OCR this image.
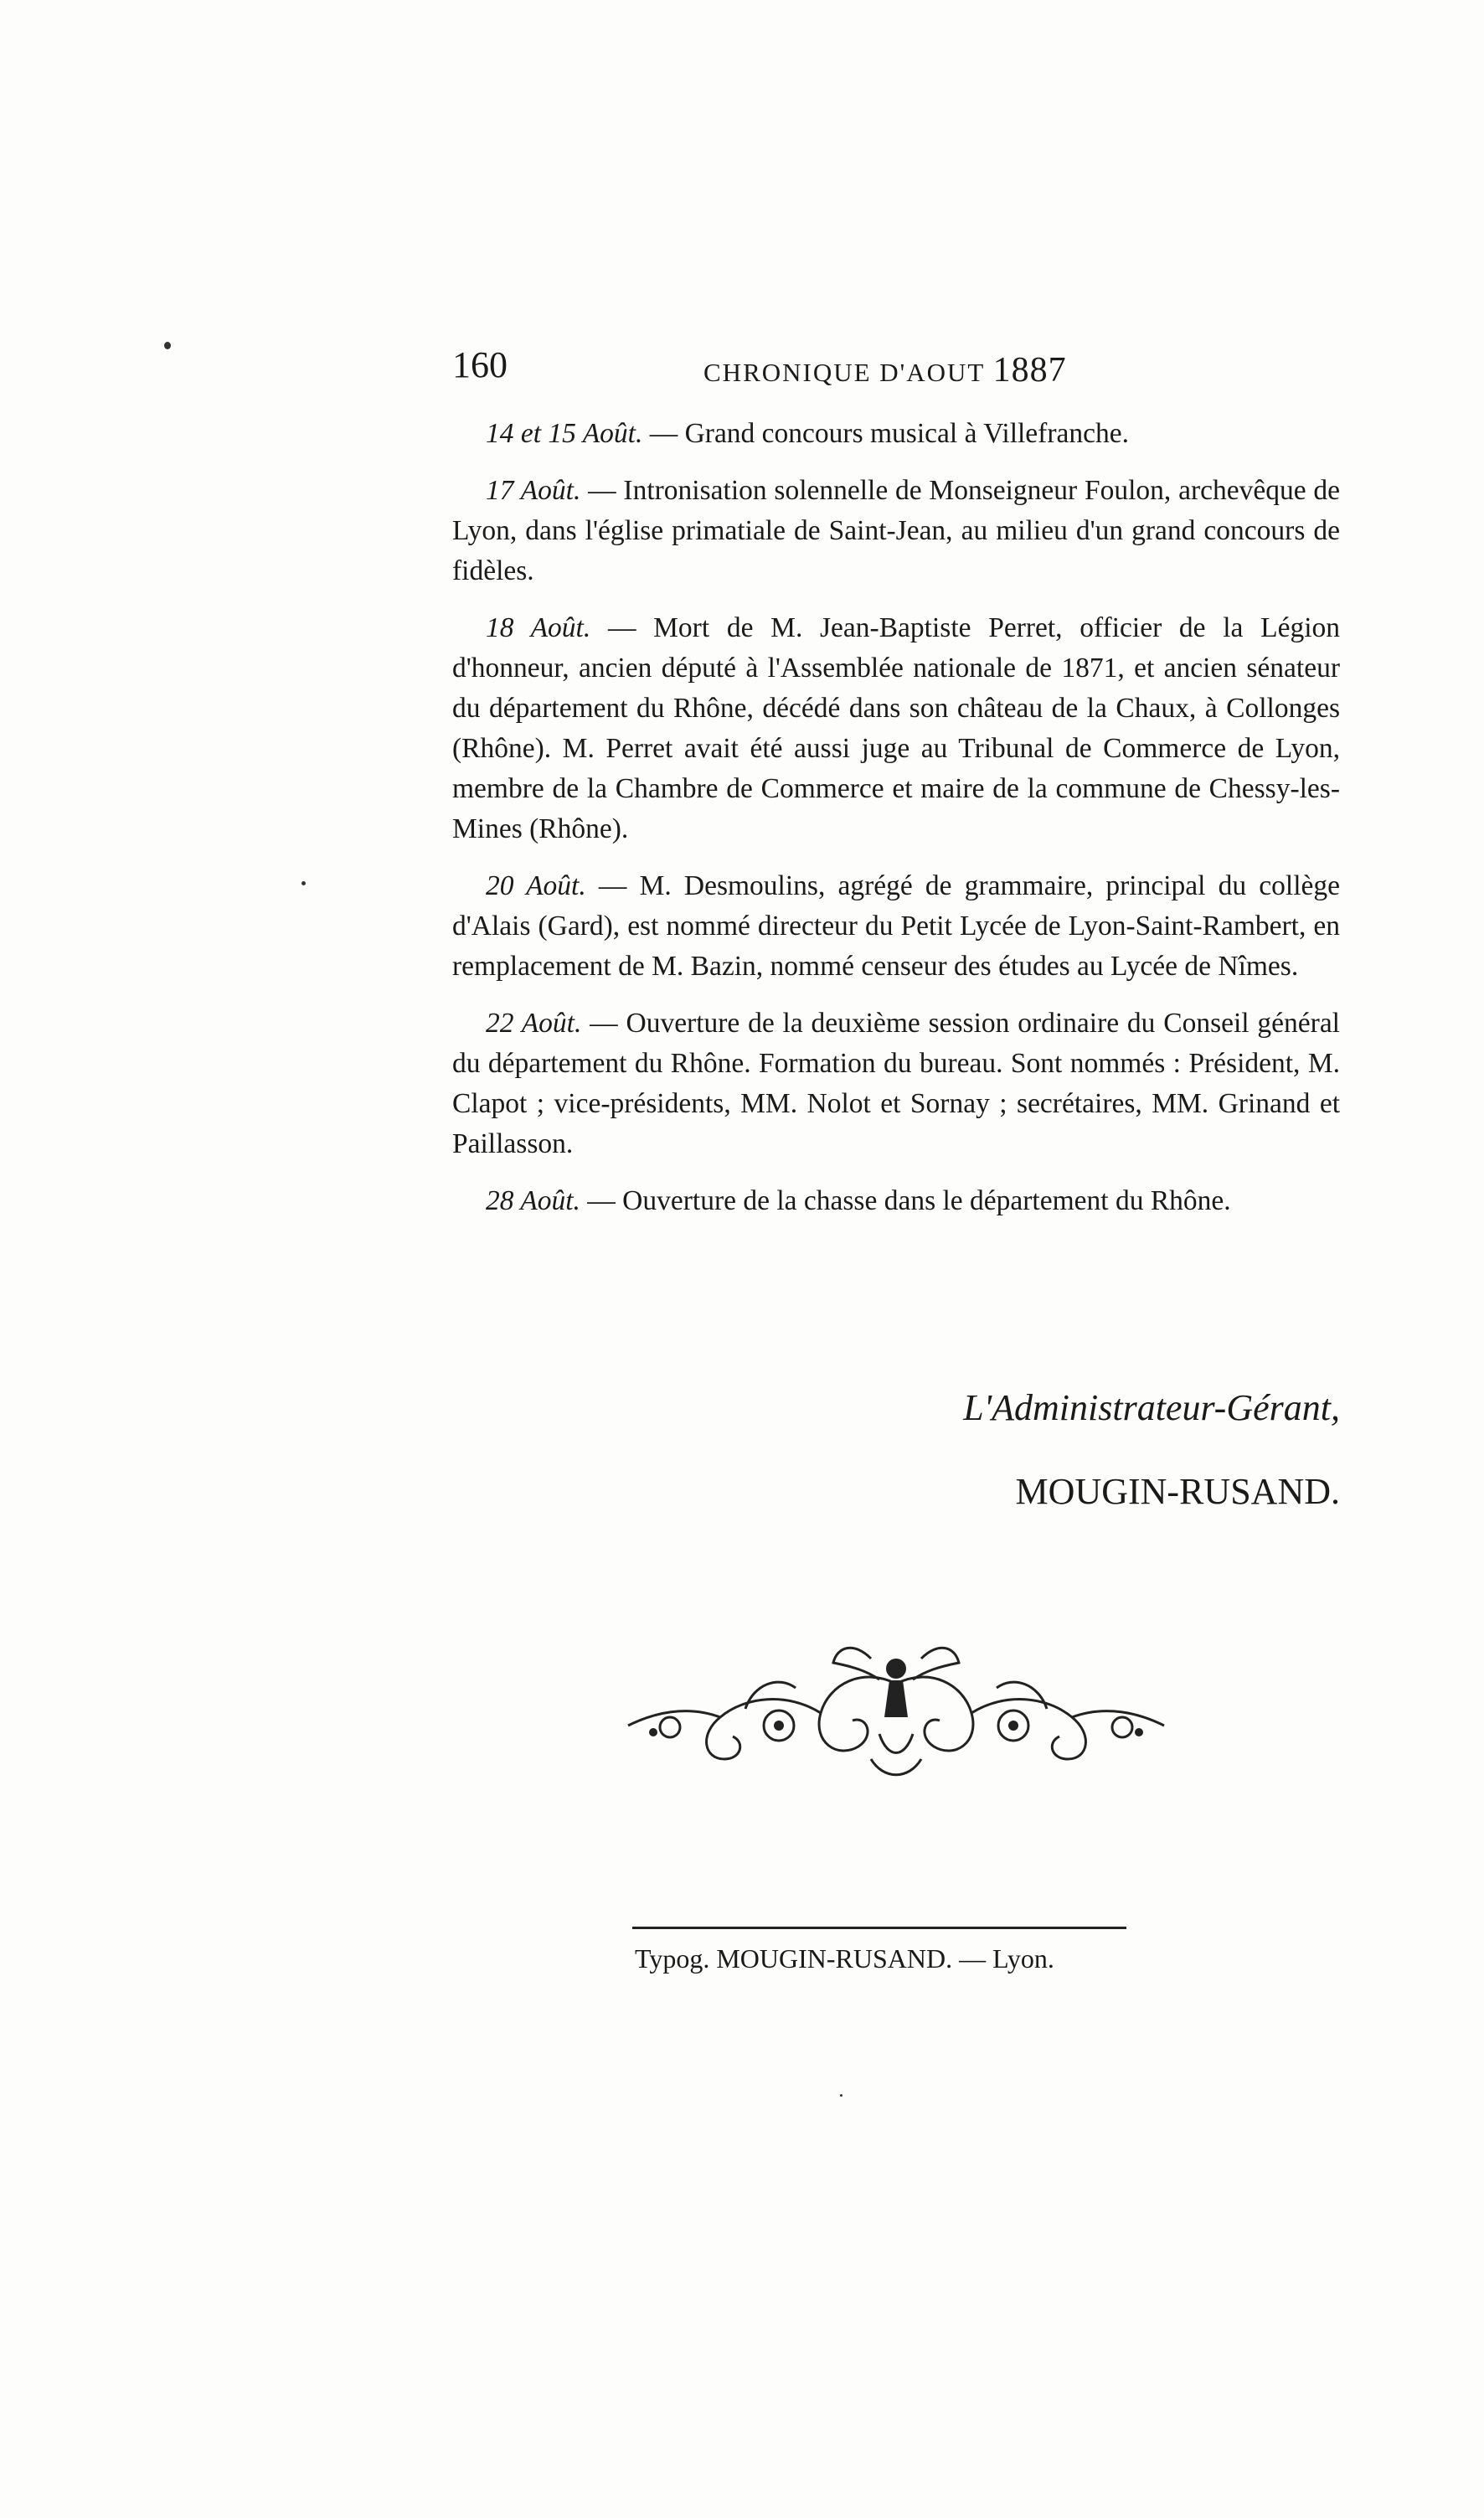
160	CHRONIQUE D'AOUT 1887

14 et 15 Août. — Grand concours musical à Villefranche.

17 Août. — Intronisation solennelle de Monseigneur Foulon, archevêque de Lyon, dans l'église primatiale de Saint-Jean, au milieu d'un grand concours de fidèles.

18 Août. — Mort de M. Jean-Baptiste Perret, officier de la Légion d'honneur, ancien député à l'Assemblée nationale de 1871, et ancien sénateur du département du Rhône, décédé dans son château de la Chaux, à Collonges (Rhône). M. Perret avait été aussi juge au Tribunal de Commerce de Lyon, membre de la Chambre de Commerce et maire de la commune de Chessy-les-Mines (Rhône).

20 Août. — M. Desmoulins, agrégé de grammaire, principal du collège d'Alais (Gard), est nommé directeur du Petit Lycée de Lyon-Saint-Rambert, en remplacement de M. Bazin, nommé censeur des études au Lycée de Nîmes.

22 Août. — Ouverture de la deuxième session ordinaire du Conseil général du département du Rhône. Formation du bureau. Sont nommés : Président, M. Clapot ; vice-présidents, MM. Nolot et Sornay ; secrétaires, MM. Grinand et Paillasson.

28 Août. — Ouverture de la chasse dans le département du Rhône.

L'Administrateur-Gérant,
MOUGIN-RUSAND.
Typog. MOUGIN-RUSAND. — Lyon.
